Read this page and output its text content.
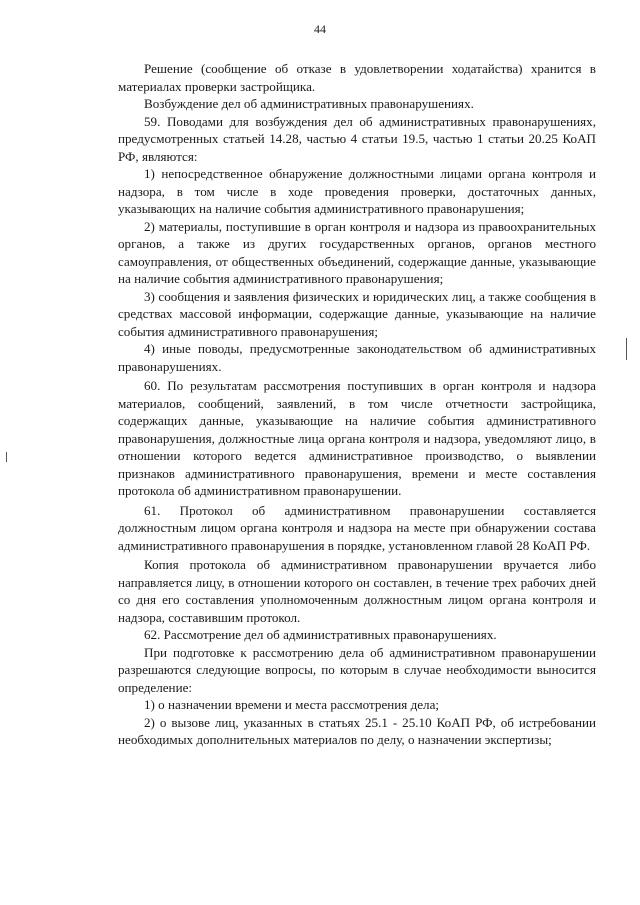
44

Решение (сообщение об отказе в удовлетворении ходатайства) хранится в материалах проверки застройщика.

Возбуждение дел об административных правонарушениях.

59. Поводами для возбуждения дел об административных правонарушениях, предусмотренных статьей 14.28, частью 4 статьи 19.5, частью 1 статьи 20.25 КоАП РФ, являются:

1) непосредственное обнаружение должностными лицами органа контроля и надзора, в том числе в ходе проведения проверки, достаточных данных, указывающих на наличие события административного правонарушения;

2) материалы, поступившие в орган контроля и надзора из правоохранительных органов, а также из других государственных органов, органов местного самоуправления, от общественных объединений, содержащие данные, указывающие на наличие события административного правонарушения;

3) сообщения и заявления физических и юридических лиц, а также сообщения в средствах массовой информации, содержащие данные, указывающие на наличие события административного правонарушения;

4) иные поводы, предусмотренные законодательством об административных правонарушениях.

60. По результатам рассмотрения поступивших в орган контроля и надзора материалов, сообщений, заявлений, в том числе отчетности застройщика, содержащих данные, указывающие на наличие события административного правонарушения, должностные лица органа контроля и надзора, уведомляют лицо, в отношении которого ведется административное производство, о выявлении признаков административного правонарушения, времени и месте составления протокола об административном правонарушении.

61. Протокол об административном правонарушении составляется должностным лицом органа контроля и надзора на месте при обнаружении состава административного правонарушения в порядке, установленном главой 28 КоАП РФ.

Копия протокола об административном правонарушении вручается либо направляется лицу, в отношении которого он составлен, в течение трех рабочих дней со дня его составления уполномоченным должностным лицом органа контроля и надзора, составившим протокол.

62. Рассмотрение дел об административных правонарушениях.

При подготовке к рассмотрению дела об административном правонарушении разрешаются следующие вопросы, по которым в случае необходимости выносится определение:

1) о назначении времени и места рассмотрения дела;

2) о вызове лиц, указанных в статьях 25.1 - 25.10 КоАП РФ, об истребовании необходимых дополнительных материалов по делу, о назначении экспертизы;
